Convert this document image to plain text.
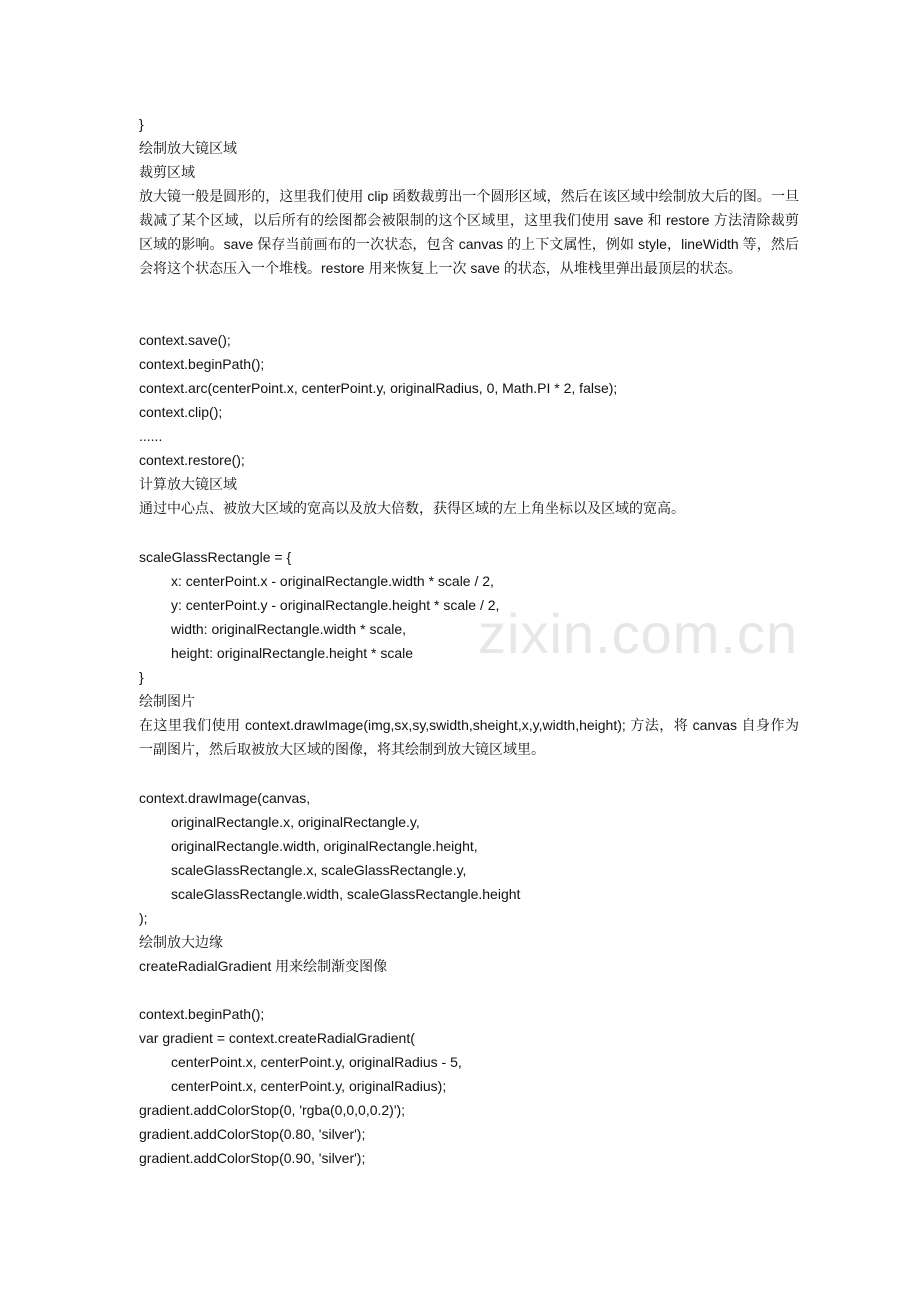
zixin.com.cn

}

绘制放大镜区域

裁剪区域

放大镜一般是圆形的，这里我们使用 clip 函数裁剪出一个圆形区域，然后在该区域中绘制放大后的图。一旦裁减了某个区域，以后所有的绘图都会被限制的这个区域里，这里我们使用 save 和 restore 方法清除裁剪区域的影响。save 保存当前画布的一次状态，包含 canvas 的上下文属性，例如 style，lineWidth 等，然后会将这个状态压入一个堆栈。restore 用来恢复上一次 save 的状态，从堆栈里弹出最顶层的状态。

context.save();

context.beginPath();

context.arc(centerPoint.x, centerPoint.y, originalRadius, 0, Math.PI * 2, false);

context.clip();

......

context.restore();

计算放大镜区域

通过中心点、被放大区域的宽高以及放大倍数，获得区域的左上角坐标以及区域的宽高。

scaleGlassRectangle = {

x: centerPoint.x - originalRectangle.width * scale / 2,

y: centerPoint.y - originalRectangle.height * scale / 2,

width: originalRectangle.width * scale,

height: originalRectangle.height * scale

}

绘制图片

在这里我们使用 context.drawImage(img,sx,sy,swidth,sheight,x,y,width,height); 方法，将 canvas 自身作为一副图片，然后取被放大区域的图像，将其绘制到放大镜区域里。

context.drawImage(canvas,

originalRectangle.x, originalRectangle.y,

originalRectangle.width, originalRectangle.height,

scaleGlassRectangle.x, scaleGlassRectangle.y,

scaleGlassRectangle.width, scaleGlassRectangle.height

);

绘制放大边缘

createRadialGradient 用来绘制渐变图像

context.beginPath();

var gradient = context.createRadialGradient(

centerPoint.x, centerPoint.y, originalRadius - 5,

centerPoint.x, centerPoint.y, originalRadius);

gradient.addColorStop(0, 'rgba(0,0,0,0.2)');

gradient.addColorStop(0.80, 'silver');

gradient.addColorStop(0.90, 'silver');
